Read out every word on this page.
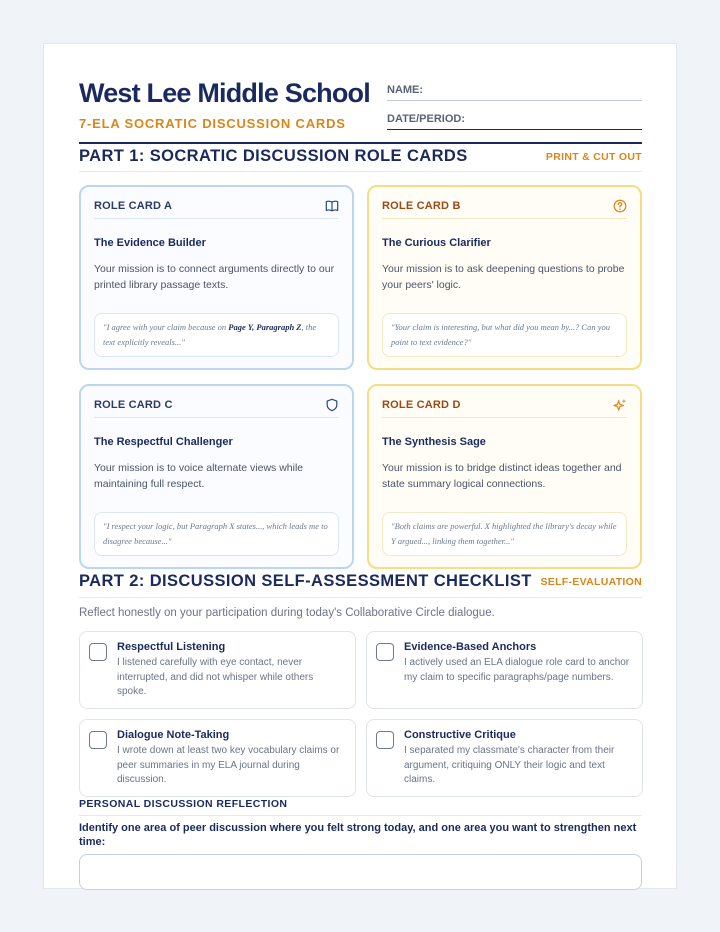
West Lee Middle School
7-ELA SOCRATIC DISCUSSION CARDS
NAME:
DATE/PERIOD:
PART 1: SOCRATIC DISCUSSION ROLE CARDS	PRINT & CUT OUT
ROLE CARD A
The Evidence Builder
Your mission is to connect arguments directly to our printed library passage texts.
"I agree with your claim because on Page Y, Paragraph Z, the text explicitly reveals..."
ROLE CARD B
The Curious Clarifier
Your mission is to ask deepening questions to probe your peers' logic.
"Your claim is interesting, but what did you mean by...? Can you point to text evidence?"
ROLE CARD C
The Respectful Challenger
Your mission is to voice alternate views while maintaining full respect.
"I respect your logic, but Paragraph X states..., which leads me to disagree because..."
ROLE CARD D
The Synthesis Sage
Your mission is to bridge distinct ideas together and state summary logical connections.
"Both claims are powerful. X highlighted the library's decay while Y argued..., linking them together..."
PART 2: DISCUSSION SELF-ASSESSMENT CHECKLIST SELF-EVALUATION
Reflect honestly on your participation during today's Collaborative Circle dialogue.
Respectful Listening
I listened carefully with eye contact, never interrupted, and did not whisper while others spoke.
Evidence-Based Anchors
I actively used an ELA dialogue role card to anchor my claim to specific paragraphs/page numbers.
Dialogue Note-Taking
I wrote down at least two key vocabulary claims or peer summaries in my ELA journal during discussion.
Constructive Critique
I separated my classmate's character from their argument, critiquing ONLY their logic and text claims.
PERSONAL DISCUSSION REFLECTION
Identify one area of peer discussion where you felt strong today, and one area you want to strengthen next time:
